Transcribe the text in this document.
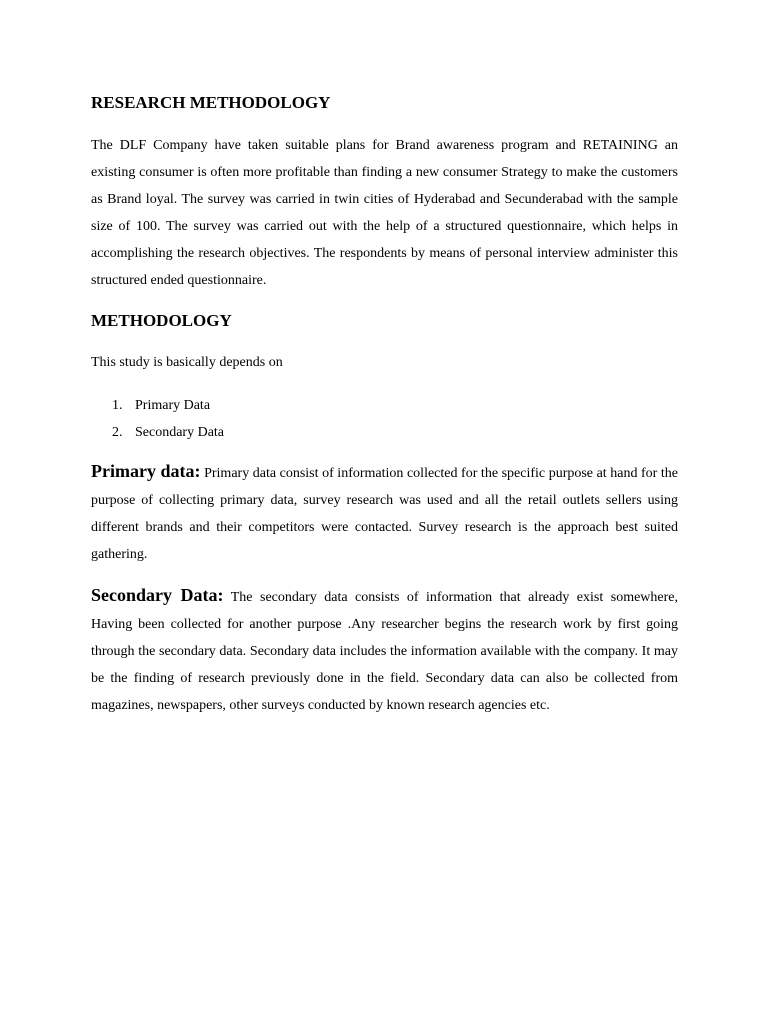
RESEARCH METHODOLOGY
The DLF Company have taken suitable plans for Brand awareness program and RETAINING an existing consumer is often more profitable than finding a new consumer Strategy to make the customers as Brand loyal. The survey was carried in twin cities of Hyderabad and Secunderabad with the sample size of 100. The survey was carried out with the help of a structured questionnaire, which helps in accomplishing the research objectives. The respondents by means of personal interview administer this structured ended questionnaire.
METHODOLOGY
This study is basically depends on
1. Primary Data
2. Secondary Data
Primary data: Primary data consist of information collected for the specific purpose at hand for the purpose of collecting primary data, survey research was used and all the retail outlets sellers using different brands and their competitors were contacted. Survey research is the approach best suited gathering.
Secondary Data: The secondary data consists of information that already exist somewhere, Having been collected for another purpose .Any researcher begins the research work by first going through the secondary data. Secondary data includes the information available with the company. It may be the finding of research previously done in the field. Secondary data can also be collected from magazines, newspapers, other surveys conducted by known research agencies etc.
